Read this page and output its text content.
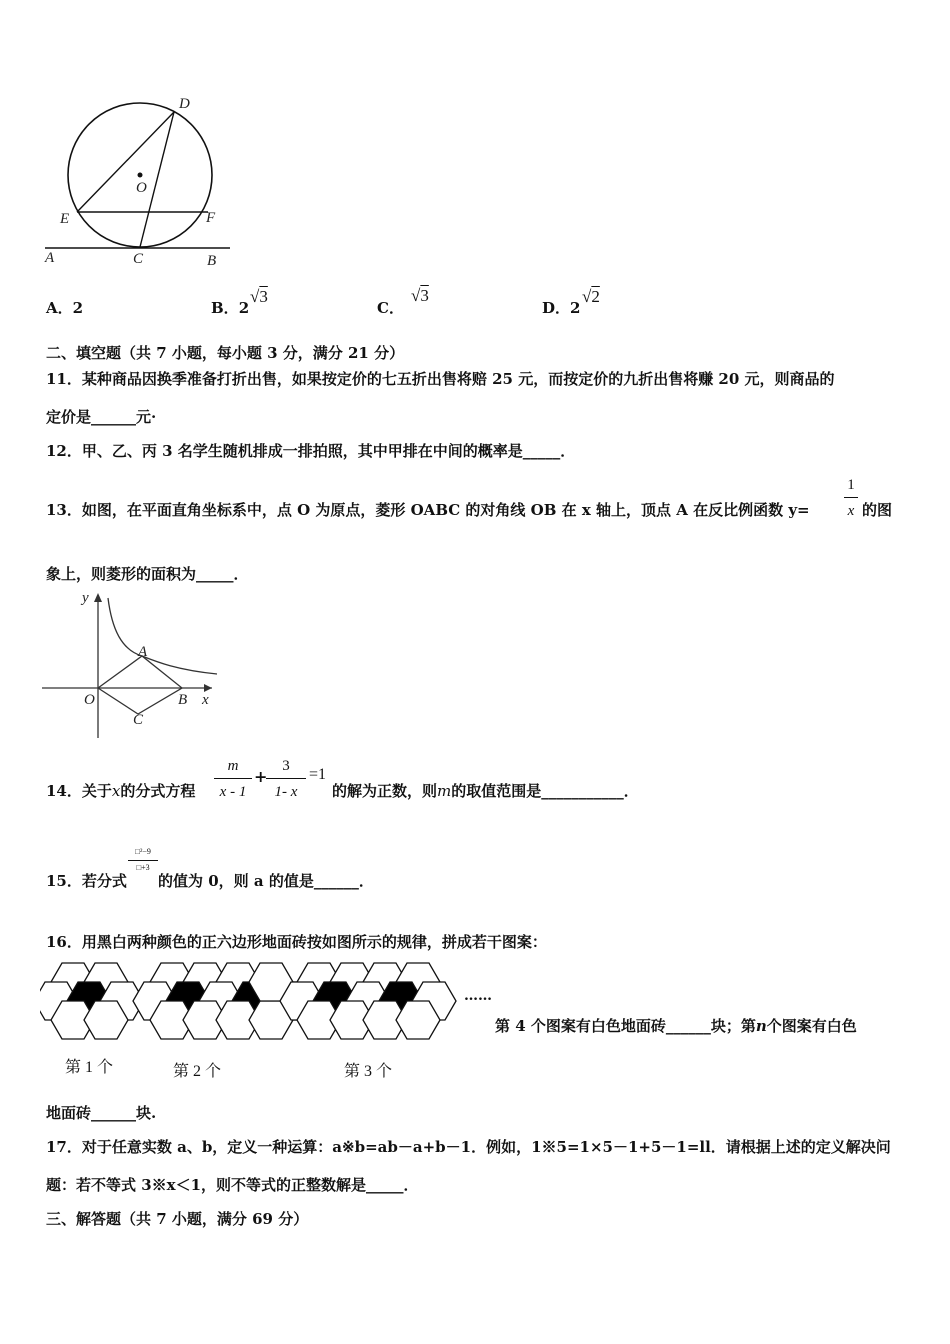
D
O
E	F
A	C	B
A．2	B．2
√3
C．
√3
D．2
√2
二、填空题（共 7 小题，每小题 3 分，满分 21 分）
11．某种商品因换季准备打折出售，如果按定价的七五折出售将赔 25 元，而按定价的九折出售将赚 20 元，则商品的
定价是______元·
12．甲、乙、丙 3 名学生随机排成一排拍照，其中甲排在中间的概率是_____．
13．如图，在平面直角坐标系中，点 O 为原点，菱形 OABC 的对角线 OB 在 x 轴上，顶点 A 在反比例函数 y=
1
x 的图
象上，则菱形的面积为_____．
y
A
O	B x
C
14．关于x的分式方程
m
x - 1
+
3
1- x
=1
的解为正数，则m的取值范围是___________．
15．若分式
□²−9
□+3
的值为 0，则 a 的值是______．
16．用黑白两种颜色的正六边形地面砖按如图所示的规律，拼成若干图案：
……
第 1 个	第 2 个	第 3 个
第 4 个图案有白色地面砖______块；第n个图案有白色
地面砖______块.
17．对于任意实数 a、b，定义一种运算：a※b=ab－a+b－1．例如，1※5=1×5－1+5－1=ll．请根据上述的定义解决问
题：若不等式 3※x＜1，则不等式的正整数解是_____．
三、解答题（共 7 小题，满分 69 分）
